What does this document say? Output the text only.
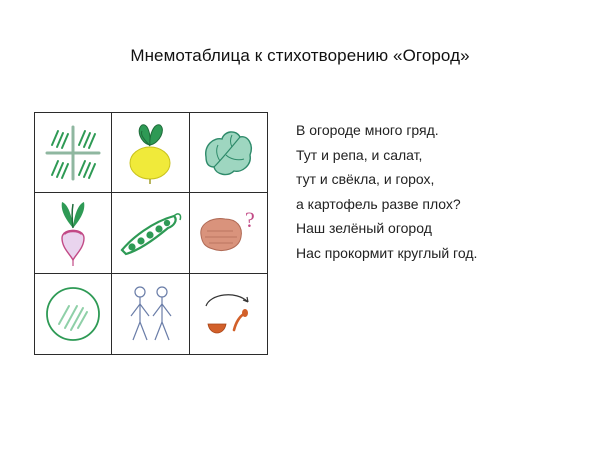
Мнемотаблица к стихотворению «Огород»
?
В огороде много гряд.
Тут и репа, и салат,
тут и свёкла, и горох,
а картофель разве плох?
Наш зелёный огород
Нас прокормит круглый год.
